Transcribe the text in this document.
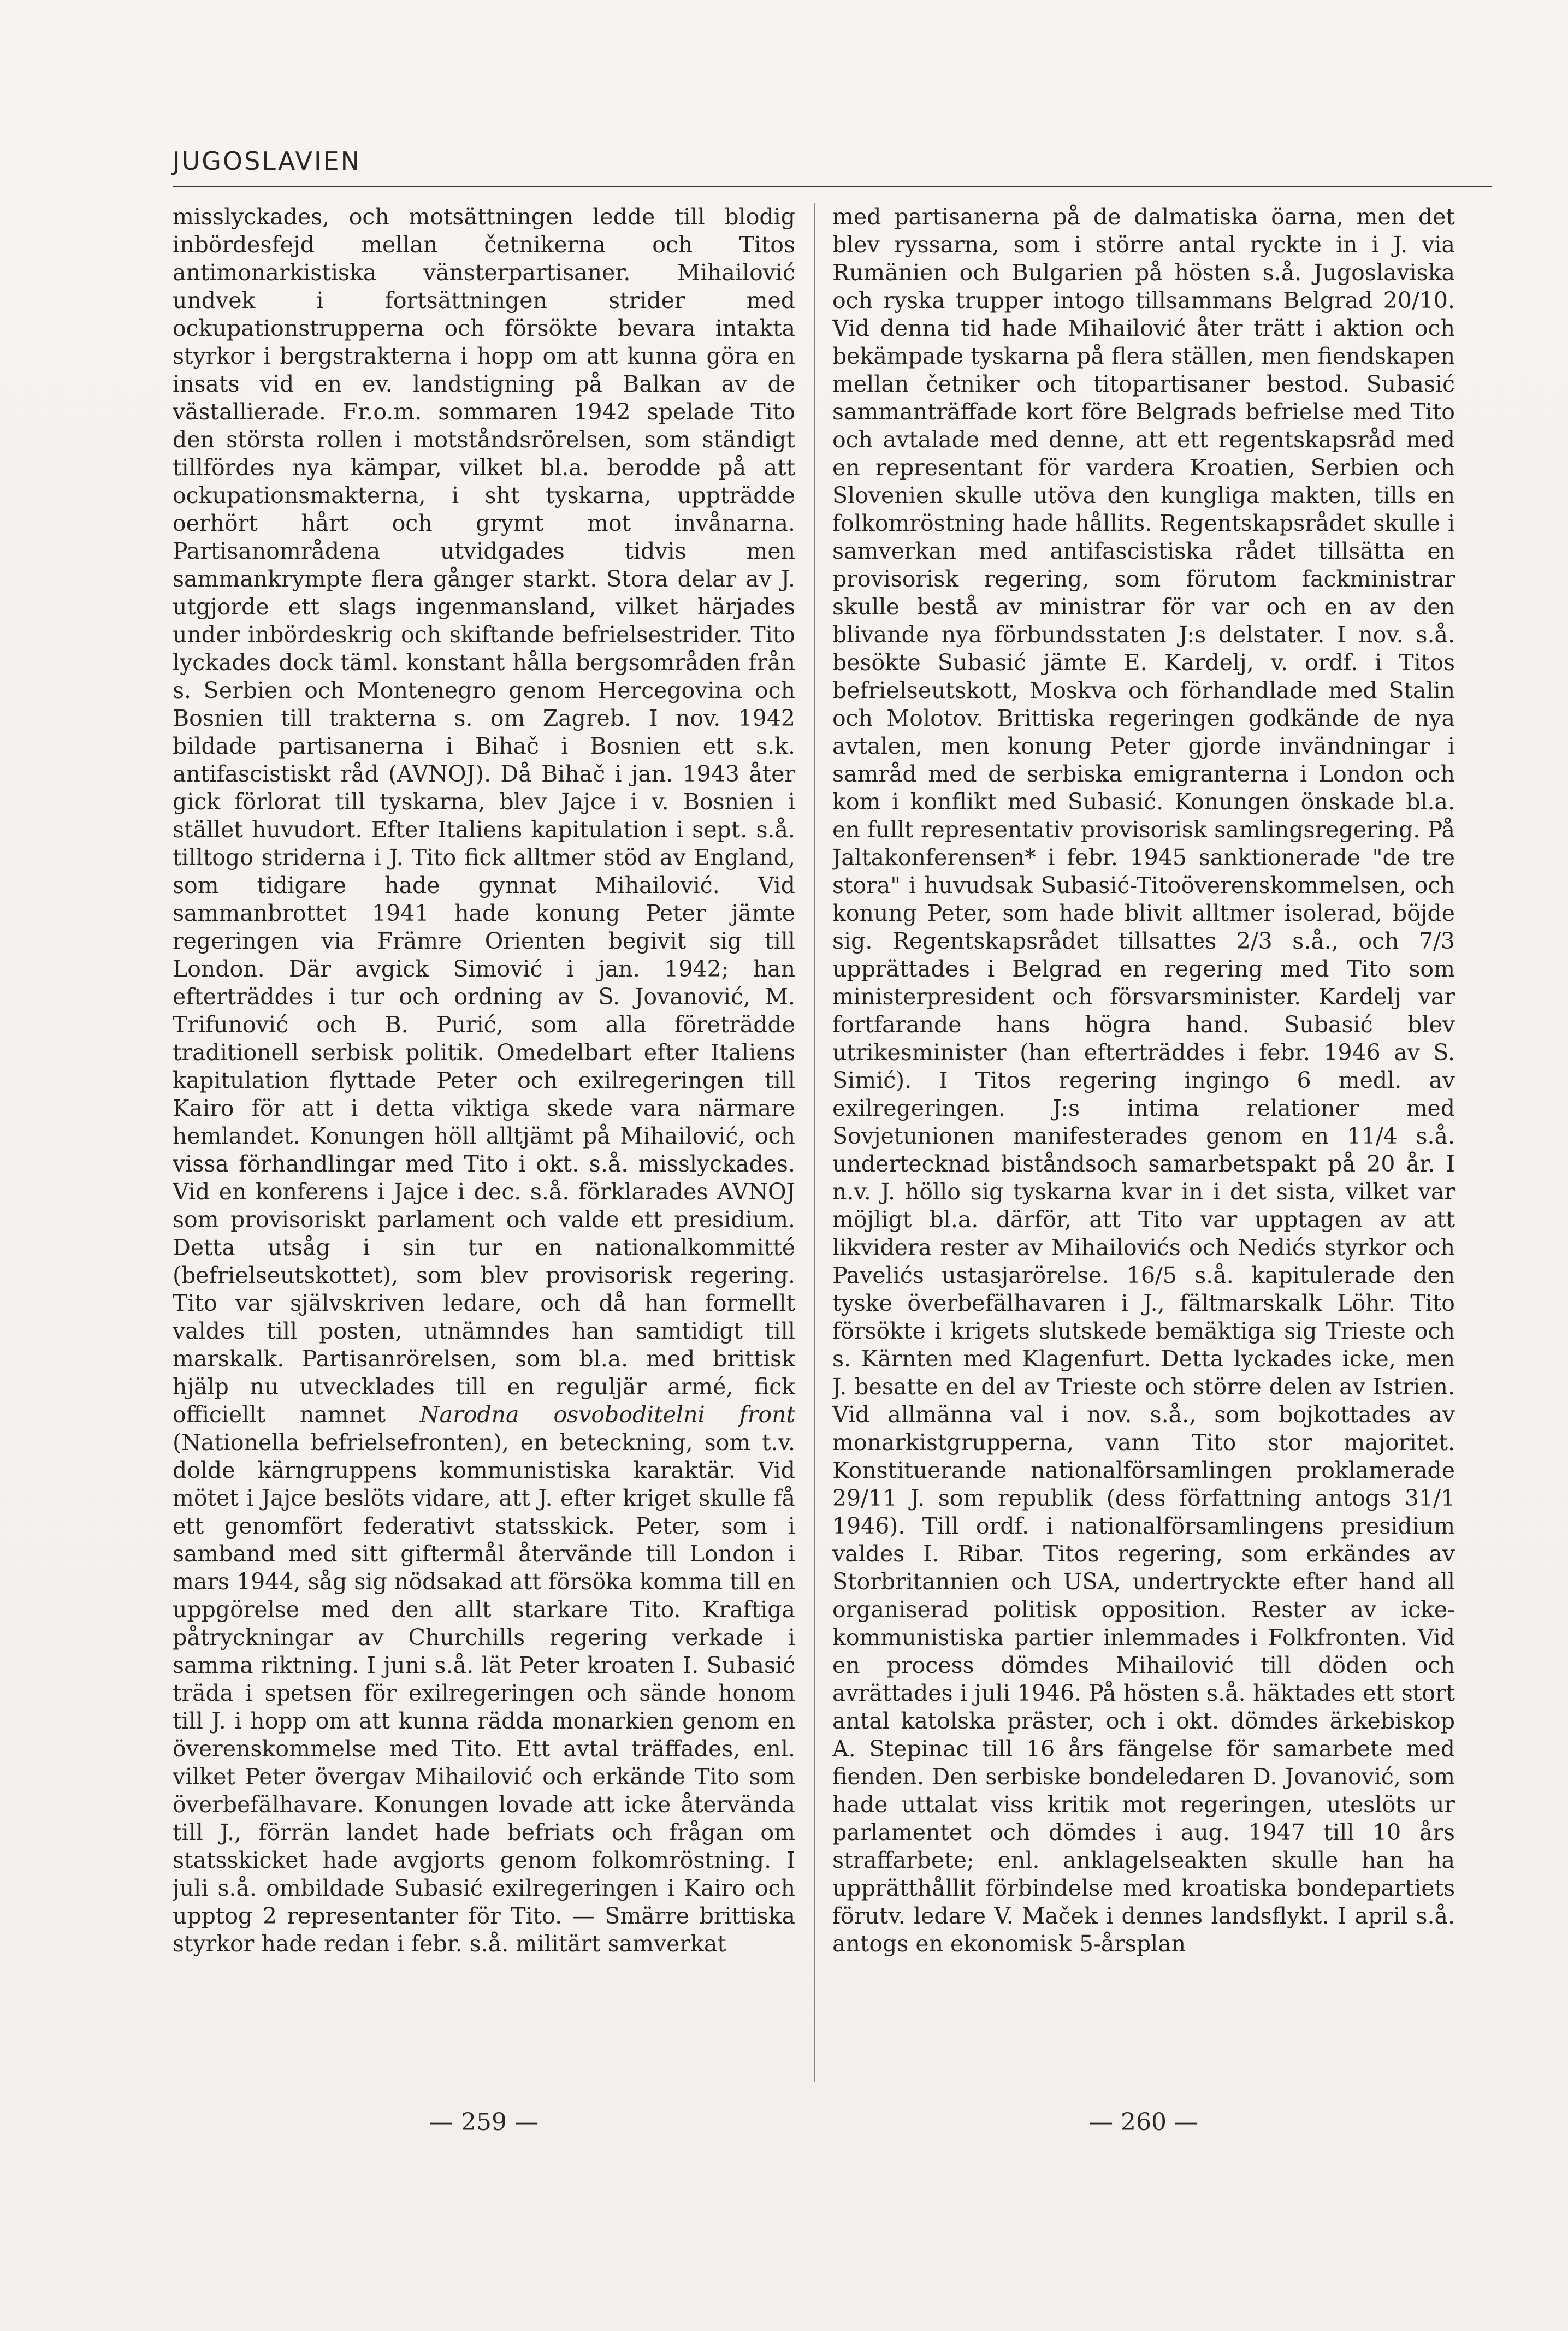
JUGOSLAVIEN

misslyckades, och motsättningen ledde till blodig inbördesfejd mellan četnikerna och Titos antimonarkistiska vänsterpartisaner. Mihailović undvek i fortsättningen strider med ockupationstrupperna och försökte bevara intakta styrkor i bergstrakterna i hopp om att kunna göra en insats vid en ev. landstigning på Balkan av de västallierade. Fr.o.m. sommaren 1942 spelade Tito den största rollen i motståndsrörelsen, som ständigt tillfördes nya kämpar, vilket bl.a. berodde på att ockupationsmakterna, i sht tyskarna, uppträdde oerhört hårt och grymt mot invånarna. Partisanområdena utvidgades tidvis men sammankrympte flera gånger starkt. Stora delar av J. utgjorde ett slags ingenmansland, vilket härjades under inbördeskrig och skiftande befrielsestrider. Tito lyckades dock täml. konstant hålla bergsområden från s. Serbien och Montenegro genom Hercegovina och Bosnien till trakterna s. om Zagreb. I nov. 1942 bildade partisanerna i Bihač i Bosnien ett s.k. antifascistiskt råd (AVNOJ). Då Bihač i jan. 1943 åter gick förlorat till tyskarna, blev Jajce i v. Bosnien i stället huvudort. Efter Italiens kapitulation i sept. s.å. tilltogo striderna i J. Tito fick alltmer stöd av England, som tidigare hade gynnat Mihailović. Vid sammanbrottet 1941 hade konung Peter jämte regeringen via Främre Orienten begivit sig till London. Där avgick Simović i jan. 1942; han efterträddes i tur och ordning av S. Jovanović, M. Trifunović och B. Purić, som alla företrädde traditionell serbisk politik. Omedelbart efter Italiens kapitulation flyttade Peter och exilregeringen till Kairo för att i detta viktiga skede vara närmare hemlandet. Konungen höll alltjämt på Mihailović, och vissa förhandlingar med Tito i okt. s.å. misslyckades. Vid en konferens i Jajce i dec. s.å. förklarades AVNOJ som provisoriskt parlament och valde ett presidium. Detta utsåg i sin tur en nationalkommitté (befrielseutskottet), som blev provisorisk regering. Tito var självskriven ledare, och då han formellt valdes till posten, utnämndes han samtidigt till marskalk. Partisanrörelsen, som bl.a. med brittisk hjälp nu utvecklades till en reguljär armé, fick officiellt namnet Narodna osvoboditelni front (Nationella befrielsefronten), en beteckning, som t.v. dolde kärngruppens kommunistiska karaktär. Vid mötet i Jajce beslöts vidare, att J. efter kriget skulle få ett genomfört federativt statsskick. Peter, som i samband med sitt giftermål återvände till London i mars 1944, såg sig nödsakad att försöka komma till en uppgörelse med den allt starkare Tito. Kraftiga påtryckningar av Churchills regering verkade i samma riktning. I juni s.å. lät Peter kroaten I. Subasić träda i spetsen för exilregeringen och sände honom till J. i hopp om att kunna rädda monarkien genom en överenskommelse med Tito. Ett avtal träffades, enl. vilket Peter övergav Mihailović och erkände Tito som överbefälhavare. Konungen lovade att icke återvända till J., förrän landet hade befriats och frågan om statsskicket hade avgjorts genom folkomröstning. I juli s.å. ombildade Subasić exilregeringen i Kairo och upptog 2 representanter för Tito. — Smärre brittiska styrkor hade redan i febr. s.å. militärt samverkat

med partisanerna på de dalmatiska öarna, men det blev ryssarna, som i större antal ryckte in i J. via Rumänien och Bulgarien på hösten s.å. Jugoslaviska och ryska trupper intogo tillsammans Belgrad 20/10. Vid denna tid hade Mihailović åter trätt i aktion och bekämpade tyskarna på flera ställen, men fiendskapen mellan četniker och titopartisaner bestod. Subasić sammanträffade kort före Belgrads befrielse med Tito och avtalade med denne, att ett regentskapsråd med en representant för vardera Kroatien, Serbien och Slovenien skulle utöva den kungliga makten, tills en folkomröstning hade hållits. Regentskapsrådet skulle i samverkan med antifascistiska rådet tillsätta en provisorisk regering, som förutom fackministrar skulle bestå av ministrar för var och en av den blivande nya förbundsstaten J:s delstater. I nov. s.å. besökte Subasić jämte E. Kardelj, v. ordf. i Titos befrielseutskott, Moskva och förhandlade med Stalin och Molotov. Brittiska regeringen godkände de nya avtalen, men konung Peter gjorde invändningar i samråd med de serbiska emigranterna i London och kom i konflikt med Subasić. Konungen önskade bl.a. en fullt representativ provisorisk samlingsregering. På Jaltakonferensen* i febr. 1945 sanktionerade "de tre stora" i huvudsak Subasić-Titoöverenskommelsen, och konung Peter, som hade blivit alltmer isolerad, böjde sig. Regentskapsrådet tillsattes 2/3 s.å., och 7/3 upprättades i Belgrad en regering med Tito som ministerpresident och försvarsminister. Kardelj var fortfarande hans högra hand. Subasić blev utrikesminister (han efterträddes i febr. 1946 av S. Simić). I Titos regering ingingo 6 medl. av exilregeringen. J:s intima relationer med Sovjetunionen manifesterades genom en 11/4 s.å. undertecknad biståndsoch samarbetspakt på 20 år. I n.v. J. höllo sig tyskarna kvar in i det sista, vilket var möjligt bl.a. därför, att Tito var upptagen av att likvidera rester av Mihailovićs och Nedićs styrkor och Pavelićs ustasjarörelse. 16/5 s.å. kapitulerade den tyske överbefälhavaren i J., fältmarskalk Löhr. Tito försökte i krigets slutskede bemäktiga sig Trieste och s. Kärnten med Klagenfurt. Detta lyckades icke, men J. besatte en del av Trieste och större delen av Istrien. Vid allmänna val i nov. s.å., som bojkottades av monarkistgrupperna, vann Tito stor majoritet. Konstituerande nationalförsamlingen proklamerade 29/11 J. som republik (dess författning antogs 31/1 1946). Till ordf. i nationalförsamlingens presidium valdes I. Ribar. Titos regering, som erkändes av Storbritannien och USA, undertryckte efter hand all organiserad politisk opposition. Rester av icke-kommunistiska partier inlemmades i Folkfronten. Vid en process dömdes Mihailović till döden och avrättades i juli 1946. På hösten s.å. häktades ett stort antal katolska präster, och i okt. dömdes ärkebiskop A. Stepinac till 16 års fängelse för samarbete med fienden. Den serbiske bondeledaren D. Jovanović, som hade uttalat viss kritik mot regeringen, uteslöts ur parlamentet och dömdes i aug. 1947 till 10 års straffarbete; enl. anklagelseakten skulle han ha upprätthållit förbindelse med kroatiska bondepartiets förutv. ledare V. Maček i dennes landsflykt. I april s.å. antogs en ekonomisk 5-årsplan

— 259 —	— 260 —
